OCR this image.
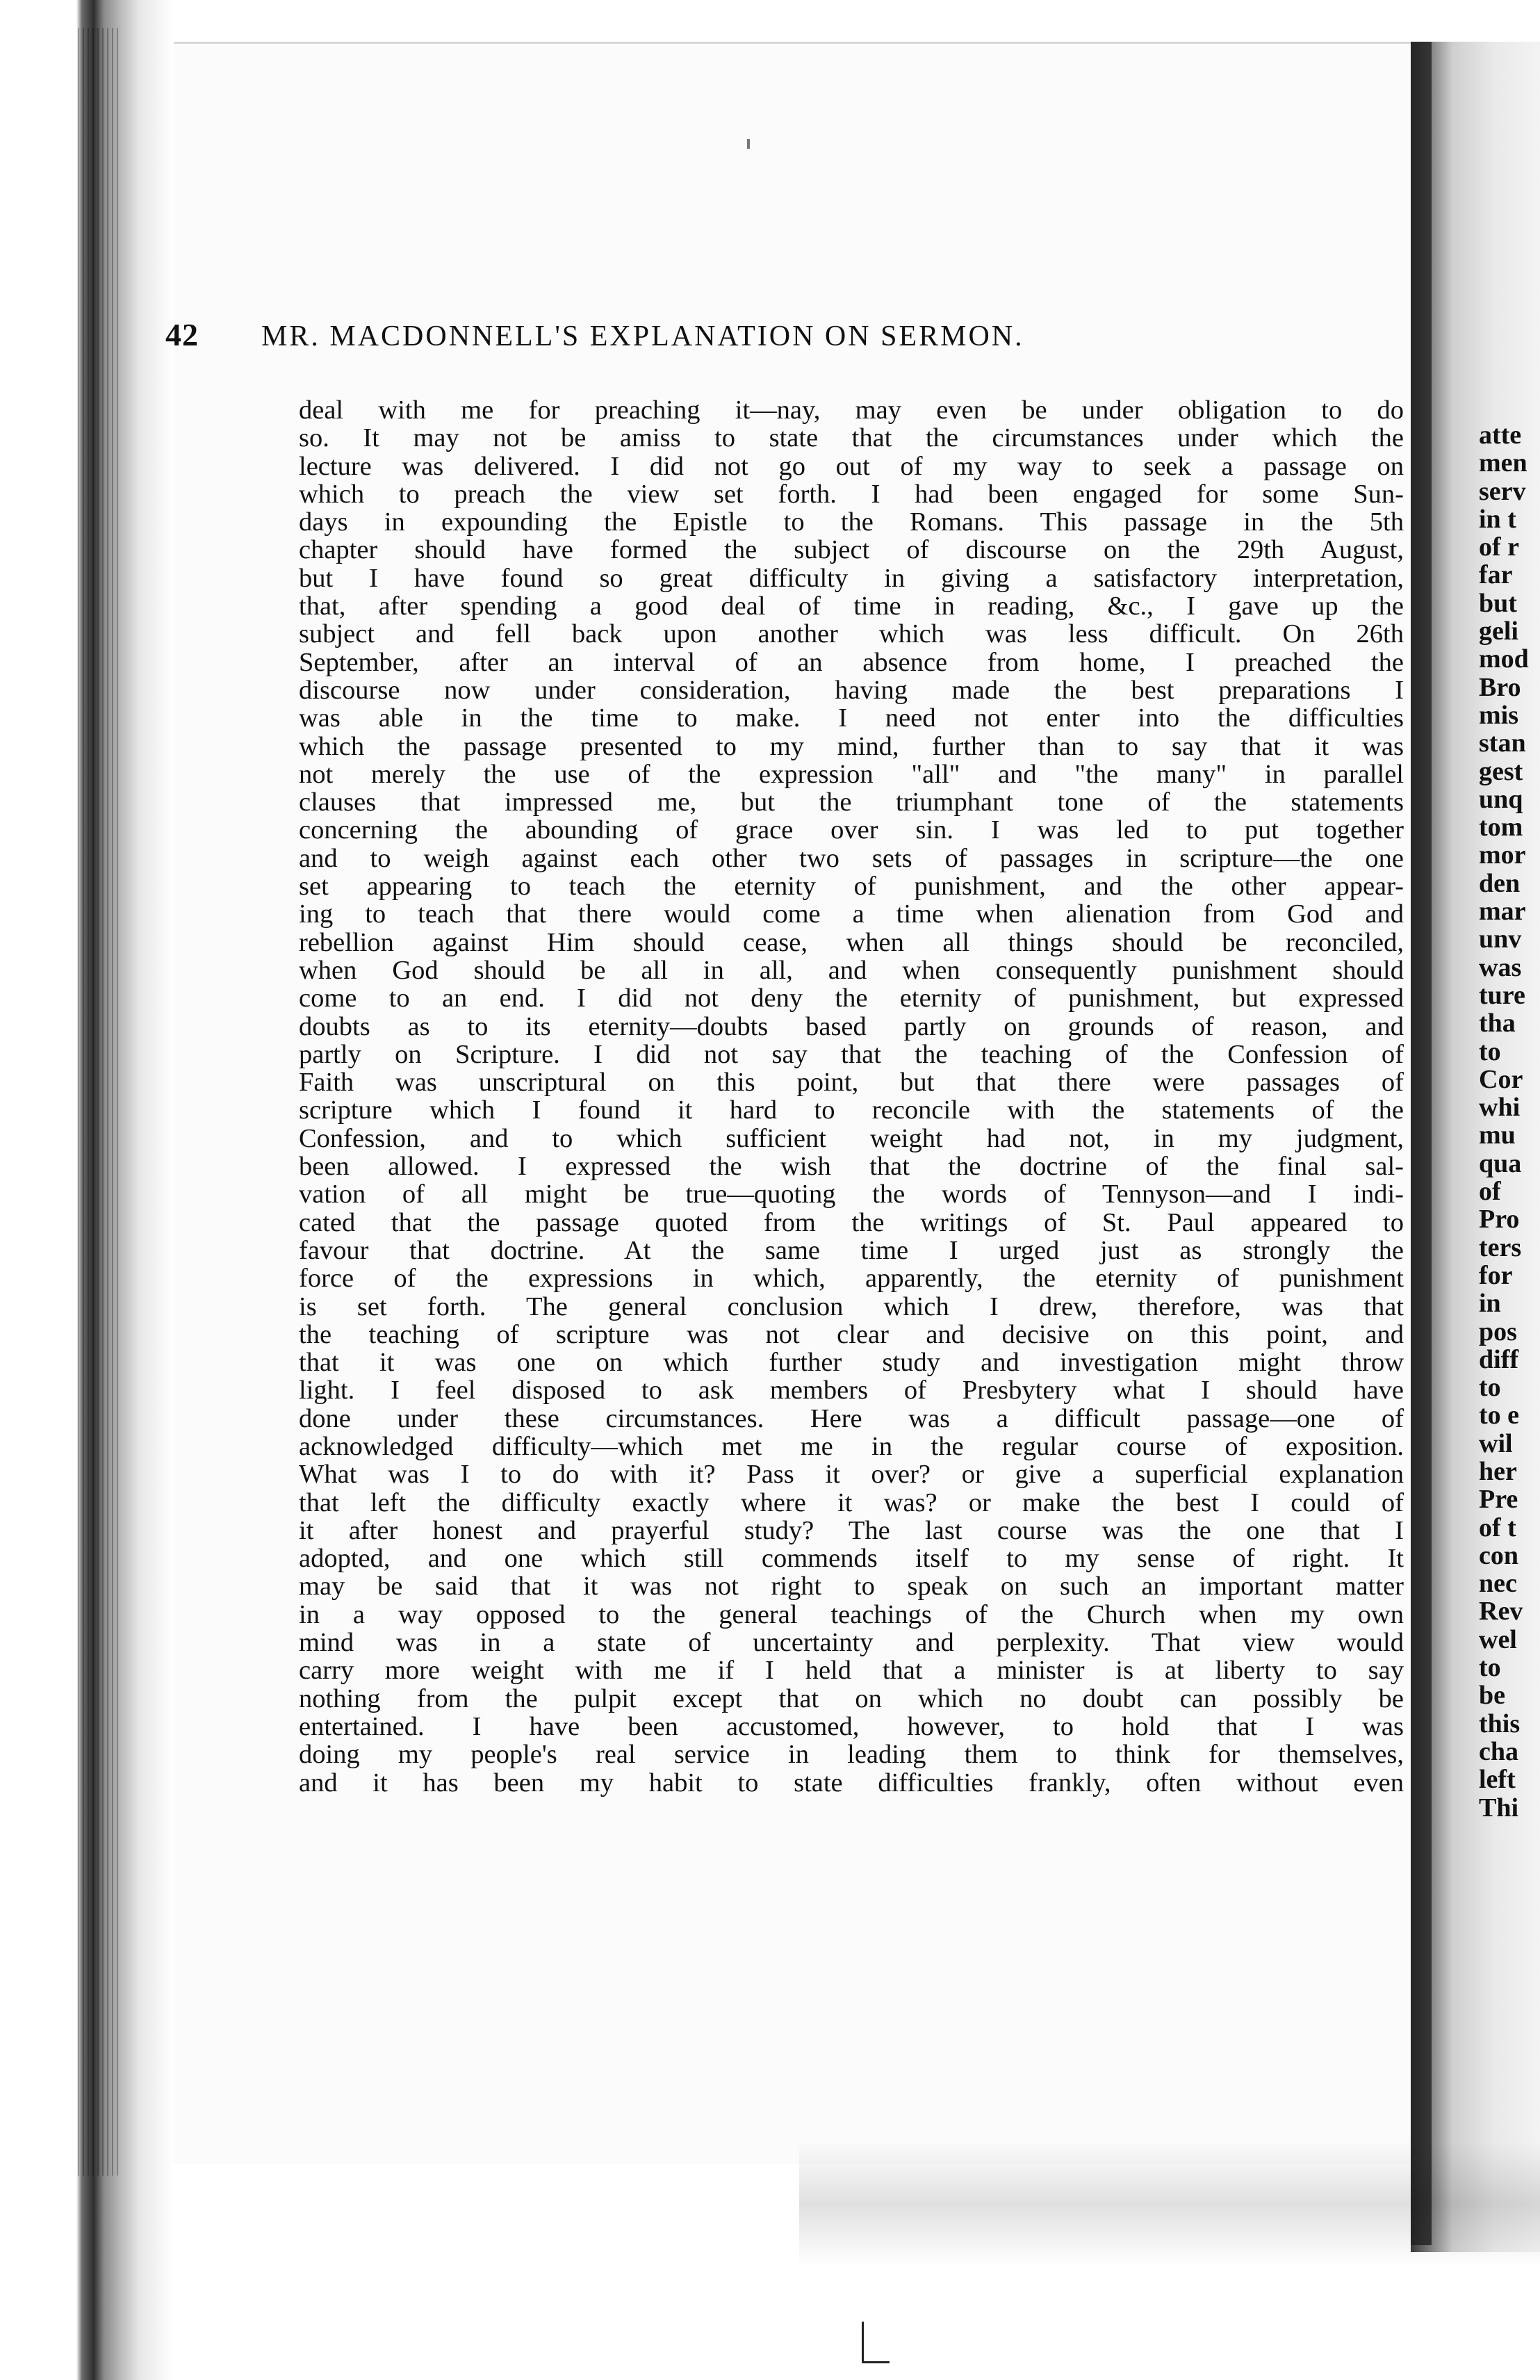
42 MR. MACDONNELL'S EXPLANATION ON SERMON.
deal with me for preaching it—nay, may even be under obligation to do
so. It may not be amiss to state that the circumstances under which the
lecture was delivered. I did not go out of my way to seek a passage on
which to preach the view set forth. I had been engaged for some Sun-
days in expounding the Epistle to the Romans. This passage in the 5th
chapter should have formed the subject of discourse on the 29th August,
but I have found so great difficulty in giving a satisfactory interpretation,
that, after spending a good deal of time in reading, &c., I gave up the
subject and fell back upon another which was less difficult. On 26th
September, after an interval of an absence from home, I preached the
discourse now under consideration, having made the best preparations I
was able in the time to make. I need not enter into the difficulties
which the passage presented to my mind, further than to say that it was
not merely the use of the expression "all" and "the many" in parallel
clauses that impressed me, but the triumphant tone of the statements
concerning the abounding of grace over sin. I was led to put together
and to weigh against each other two sets of passages in scripture—the one
set appearing to teach the eternity of punishment, and the other appear-
ing to teach that there would come a time when alienation from God and
rebellion against Him should cease, when all things should be reconciled,
when God should be all in all, and when consequently punishment should
come to an end. I did not deny the eternity of punishment, but expressed
doubts as to its eternity—doubts based partly on grounds of reason, and
partly on Scripture. I did not say that the teaching of the Confession of
Faith was unscriptural on this point, but that there were passages of
scripture which I found it hard to reconcile with the statements of the
Confession, and to which sufficient weight had not, in my judgment,
been allowed. I expressed the wish that the doctrine of the final sal-
vation of all might be true—quoting the words of Tennyson—and I indi-
cated that the passage quoted from the writings of St. Paul appeared to
favour that doctrine. At the same time I urged just as strongly the
force of the expressions in which, apparently, the eternity of punishment
is set forth. The general conclusion which I drew, therefore, was that
the teaching of scripture was not clear and decisive on this point, and
that it was one on which further study and investigation might throw
light. I feel disposed to ask members of Presbytery what I should have
done under these circumstances. Here was a difficult passage—one of
acknowledged difficulty—which met me in the regular course of exposition.
What was I to do with it? Pass it over? or give a superficial explanation
that left the difficulty exactly where it was? or make the best I could of
it after honest and prayerful study? The last course was the one that I
adopted, and one which still commends itself to my sense of right. It
may be said that it was not right to speak on such an important matter
in a way opposed to the general teachings of the Church when my own
mind was in a state of uncertainty and perplexity. That view would
carry more weight with me if I held that a minister is at liberty to say
nothing from the pulpit except that on which no doubt can possibly be
entertained. I have been accustomed, however, to hold that I was
doing my people's real service in leading them to think for themselves,
and it has been my habit to state difficulties frankly, often without even
atte
men
serv
in t
of r
far
but
geli
mod
Bro
mis
stan
gest
unq
tom
mor
den
mar
unv
was
ture
tha
to
Cor
whi
mu
qua
of
Pro
ters
for
in
pos
diff
to
to e
wil
her
Pre
of t
con
nec
Rev
wel
to
be
this
cha
left
Thi
